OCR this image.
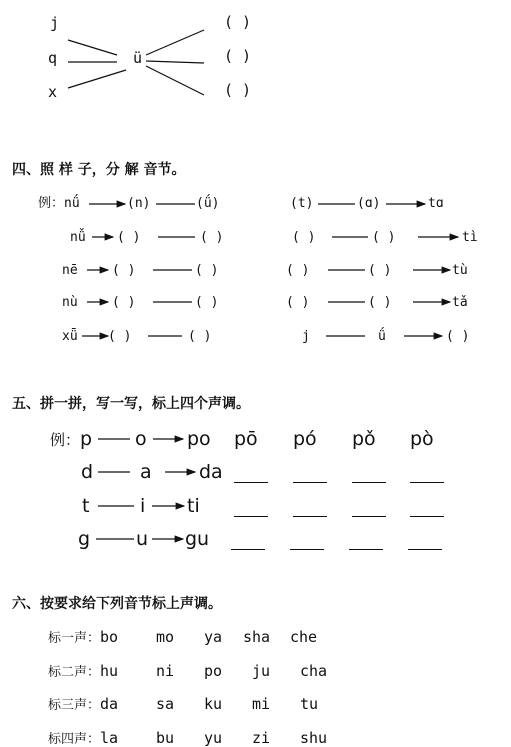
j
q
x
ü
( )
( )
( )
四、照 样 子，分 解 音节。
例：nǘ	(n)	(ǘ)	(t)	(ɑ)	tɑ
nǚ ( )	( )	( )	( )	tì
nē	( )	( )	( )	( )	tù
nù	( )	( )	( )	( )	tǎ
xǖ ( )	( )	j	ǘ	( )
五、拼一拼，写一写，标上四个声调。
例：p o po pō pó pǒ pò
d a da
t	i ti
g u gu
六、按要求给下列音节标上声调。
标一声：bo	mo ya sha che
标二声：hu	ni po ju cha
标三声：da	sa ku mi tu
标四声：la	bu yu zi shu
